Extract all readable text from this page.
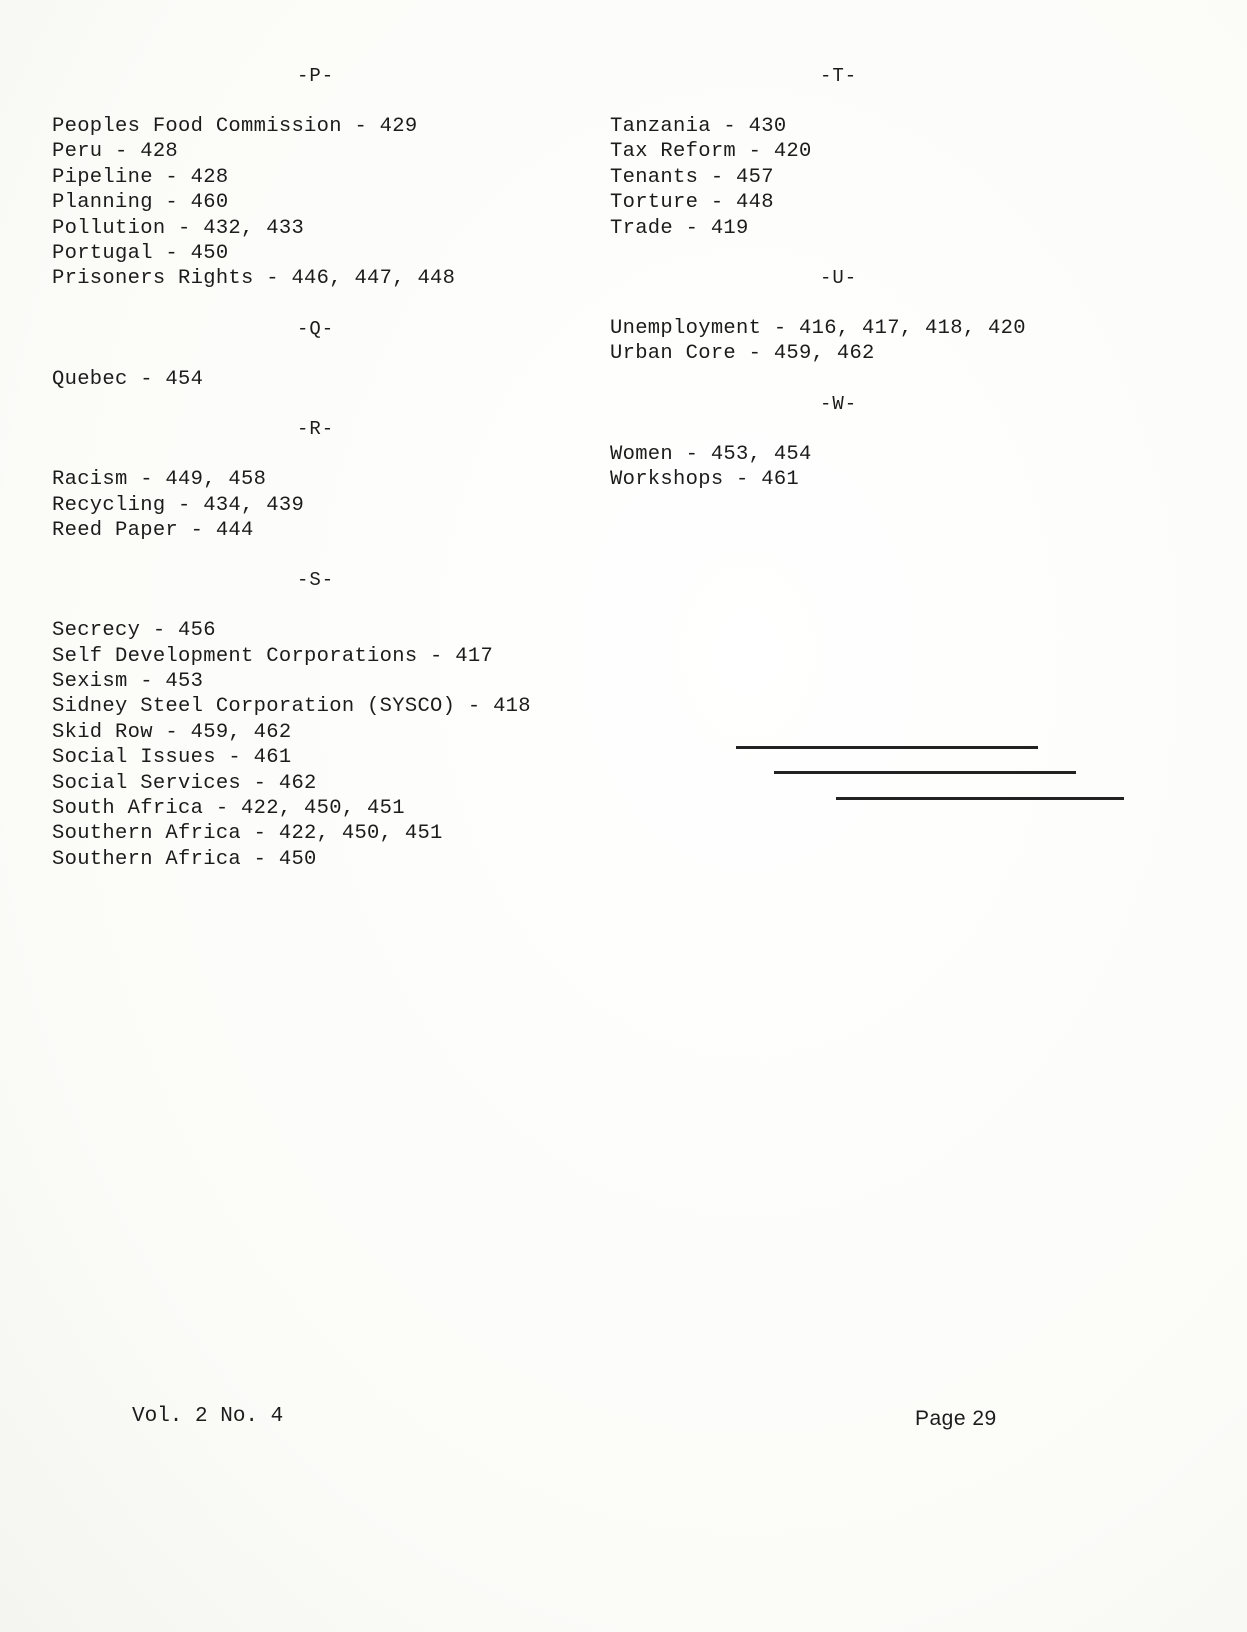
-P-
Peoples Food Commission - 429
Peru - 428
Pipeline - 428
Planning - 460
Pollution - 432, 433
Portugal - 450
Prisoners Rights - 446, 447, 448
-Q-
Quebec - 454
-R-
Racism - 449, 458
Recycling - 434, 439
Reed Paper - 444
-S-
Secrecy - 456
Self Development Corporations - 417
Sexism - 453
Sidney Steel Corporation (SYSCO) - 418
Skid Row - 459, 462
Social Issues - 461
Social Services - 462
South Africa - 422, 450, 451
Southern Africa - 422, 450, 451
Southern Africa - 450
-T-
Tanzania - 430
Tax Reform - 420
Tenants - 457
Torture - 448
Trade - 419
-U-
Unemployment - 416, 417, 418, 420
Urban Core - 459, 462
-W-
Women - 453, 454
Workshops - 461
Vol. 2 No. 4	Page 29
